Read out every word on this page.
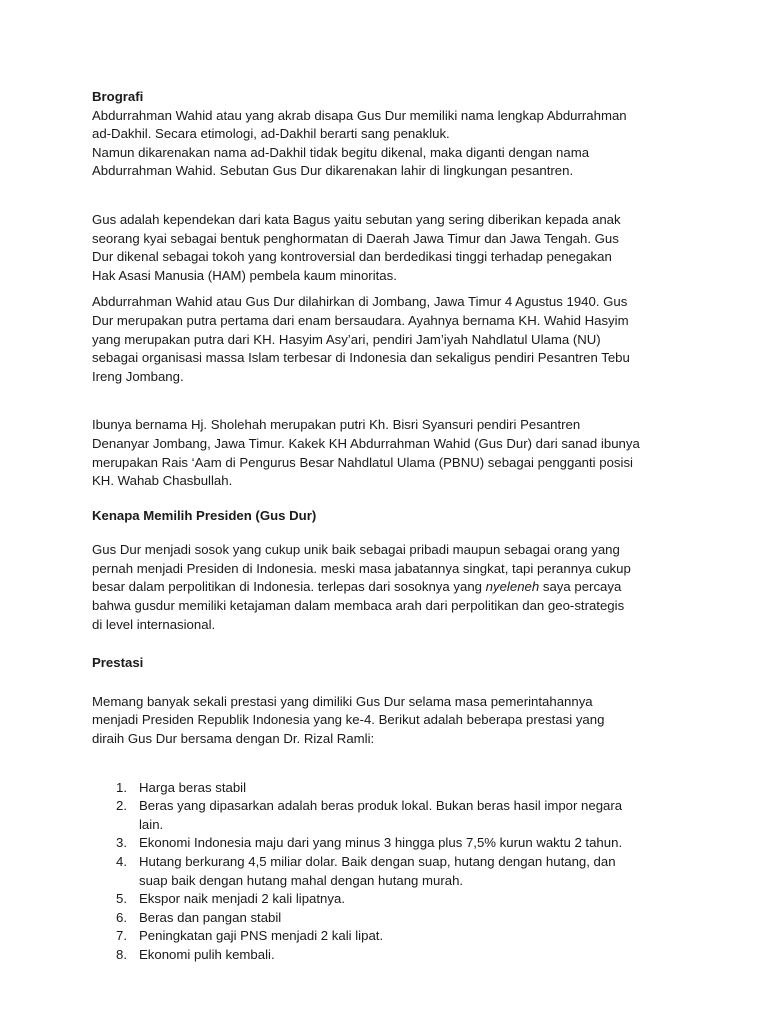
Brografi

Abdurrahman Wahid atau yang akrab disapa Gus Dur memiliki nama lengkap Abdurrahman
ad-Dakhil. Secara etimologi, ad-Dakhil berarti sang penakluk.
Namun dikarenakan nama ad-Dakhil tidak begitu dikenal, maka diganti dengan nama
Abdurrahman Wahid. Sebutan Gus Dur dikarenakan lahir di lingkungan pesantren.
Gus adalah kependekan dari kata Bagus yaitu sebutan yang sering diberikan kepada anak
seorang kyai sebagai bentuk penghormatan di Daerah Jawa Timur dan Jawa Tengah. Gus
Dur dikenal sebagai tokoh yang kontroversial dan berdedikasi tinggi terhadap penegakan
Hak Asasi Manusia (HAM) pembela kaum minoritas.
Abdurrahman Wahid atau Gus Dur dilahirkan di Jombang, Jawa Timur 4 Agustus 1940. Gus
Dur merupakan putra pertama dari enam bersaudara. Ayahnya bernama KH. Wahid Hasyim
yang merupakan putra dari KH. Hasyim Asy’ari, pendiri Jam’iyah Nahdlatul Ulama (NU)
sebagai organisasi massa Islam terbesar di Indonesia dan sekaligus pendiri Pesantren Tebu
Ireng Jombang.
Ibunya bernama Hj. Sholehah merupakan putri Kh. Bisri Syansuri pendiri Pesantren
Denanyar Jombang, Jawa Timur. Kakek KH Abdurrahman Wahid (Gus Dur) dari sanad ibunya
merupakan Rais ‘Aam di Pengurus Besar Nahdlatul Ulama (PBNU) sebagai pengganti posisi
KH. Wahab Chasbullah.

Kenapa Memilih Presiden (Gus Dur)

Gus Dur menjadi sosok yang cukup unik baik sebagai pribadi maupun sebagai orang yang
pernah menjadi Presiden di Indonesia. meski masa jabatannya singkat, tapi perannya cukup
besar dalam perpolitikan di Indonesia. terlepas dari sosoknya yang nyeleneh saya percaya
bahwa gusdur memiliki ketajaman dalam membaca arah dari perpolitikan dan geo-strategis
di level internasional.

Prestasi

Memang banyak sekali prestasi yang dimiliki Gus Dur selama masa pemerintahannya
menjadi Presiden Republik Indonesia yang ke-4. Berikut adalah beberapa prestasi yang
diraih Gus Dur bersama dengan Dr. Rizal Ramli:
1. Harga beras stabil
2. Beras yang dipasarkan adalah beras produk lokal. Bukan beras hasil impor negara
lain.
3. Ekonomi Indonesia maju dari yang minus 3 hingga plus 7,5% kurun waktu 2 tahun.
4. Hutang berkurang 4,5 miliar dolar. Baik dengan suap, hutang dengan hutang, dan
suap baik dengan hutang mahal dengan hutang murah.
5. Ekspor naik menjadi 2 kali lipatnya.
6. Beras dan pangan stabil
7. Peningkatan gaji PNS menjadi 2 kali lipat.
8. Ekonomi pulih kembali.
